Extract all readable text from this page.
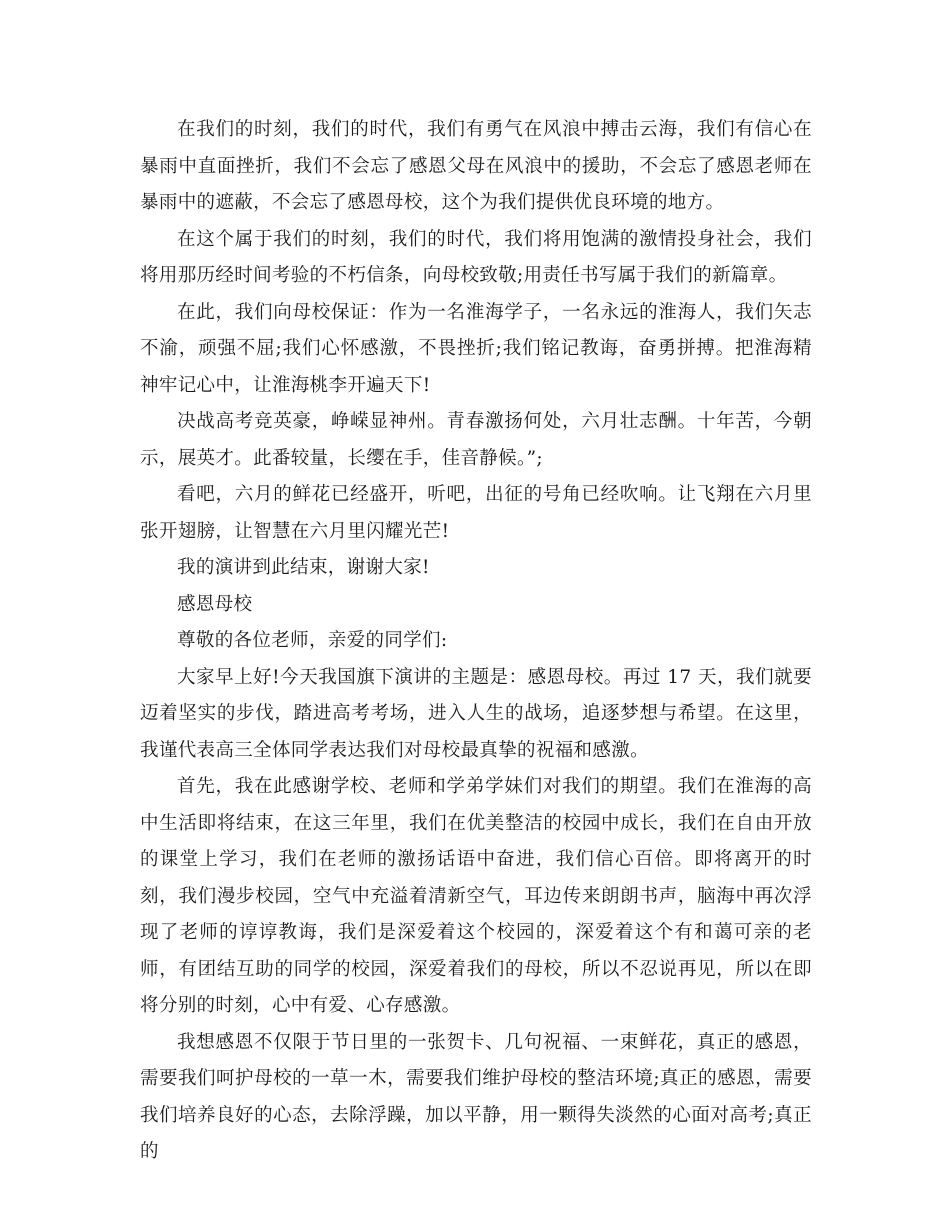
在我们的时刻，我们的时代，我们有勇气在风浪中搏击云海，我们有信心在暴雨中直面挫折，我们不会忘了感恩父母在风浪中的援助，不会忘了感恩老师在暴雨中的遮蔽，不会忘了感恩母校，这个为我们提供优良环境的地方。

在这个属于我们的时刻，我们的时代，我们将用饱满的激情投身社会，我们将用那历经时间考验的不朽信条，向母校致敬;用责任书写属于我们的新篇章。

在此，我们向母校保证：作为一名淮海学子，一名永远的淮海人，我们矢志不渝，顽强不屈;我们心怀感激，不畏挫折;我们铭记教诲，奋勇拼搏。把淮海精神牢记心中，让淮海桃李开遍天下!

决战高考竞英豪，峥嵘显神州。青春激扬何处，六月壮志酬。十年苦，今朝示，展英才。此番较量，长缨在手，佳音静候。”;

看吧，六月的鲜花已经盛开，听吧，出征的号角已经吹响。让飞翔在六月里张开翅膀，让智慧在六月里闪耀光芒!

我的演讲到此结束，谢谢大家!

感恩母校

尊敬的各位老师，亲爱的同学们:

大家早上好!今天我国旗下演讲的主题是：感恩母校。再过 17 天，我们就要迈着坚实的步伐，踏进高考考场，进入人生的战场，追逐梦想与希望。在这里，我谨代表高三全体同学表达我们对母校最真挚的祝福和感激。

首先，我在此感谢学校、老师和学弟学妹们对我们的期望。我们在淮海的高中生活即将结束，在这三年里，我们在优美整洁的校园中成长，我们在自由开放的课堂上学习，我们在老师的激扬话语中奋进，我们信心百倍。即将离开的时刻，我们漫步校园，空气中充溢着清新空气，耳边传来朗朗书声，脑海中再次浮现了老师的谆谆教诲，我们是深爱着这个校园的，深爱着这个有和蔼可亲的老师，有团结互助的同学的校园，深爱着我们的母校，所以不忍说再见，所以在即将分别的时刻，心中有爱、心存感激。

我想感恩不仅限于节日里的一张贺卡、几句祝福、一束鲜花，真正的感恩，需要我们呵护母校的一草一木，需要我们维护母校的整洁环境;真正的感恩，需要我们培养良好的心态，去除浮躁，加以平静，用一颗得失淡然的心面对高考;真正的
